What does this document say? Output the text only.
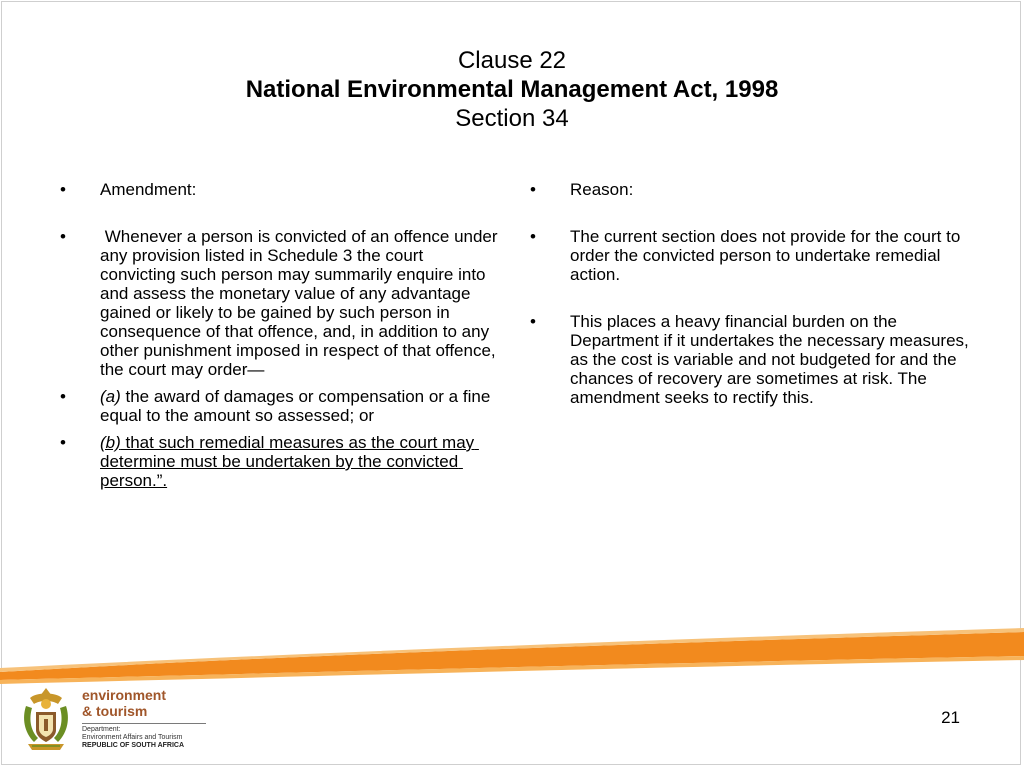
Clause 22
National Environmental Management Act, 1998
Section 34
• Amendment:
• Whenever a person is convicted of an offence under any provision listed in Schedule 3 the court convicting such person may summarily enquire into and assess the monetary value of any advantage gained or likely to be gained by such person in consequence of that offence, and, in addition to any other punishment imposed in respect of that offence, the court may order—
• (a) the award of damages or compensation or a fine equal to the amount so assessed; or
• (b) that such remedial measures as the court may determine must be undertaken by the convicted person.”.
• Reason:
• The current section does not provide for the court to order the convicted person to undertake remedial action.
• This places a heavy financial burden on the Department if it undertakes the necessary measures, as the cost is variable and not budgeted for and the chances of recovery are sometimes at risk. The amendment seeks to rectify this.
environment
& tourism
Department:
Environment Affairs and Tourism
REPUBLIC OF SOUTH AFRICA
21
